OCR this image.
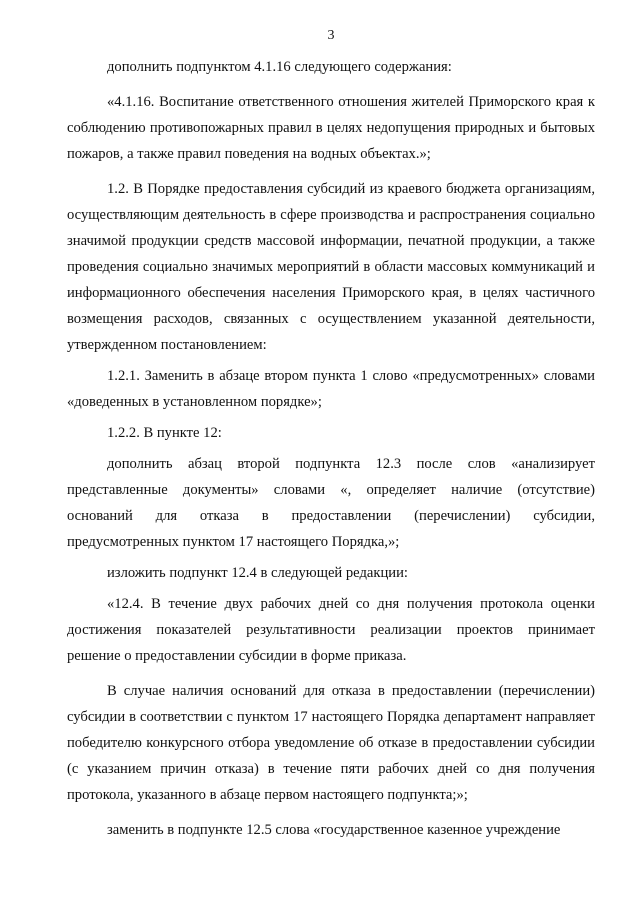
3

дополнить подпунктом 4.1.16 следующего содержания:

«4.1.16. Воспитание ответственного отношения жителей Приморского края к соблюдению противопожарных правил в целях недопущения природных и бытовых пожаров, а также правил поведения на водных объектах.»;

1.2. В Порядке предоставления субсидий из краевого бюджета организациям, осуществляющим деятельность в сфере производства и распространения социально значимой продукции средств массовой информации, печатной продукции, а также проведения социально значимых мероприятий в области массовых коммуникаций и информационного обеспечения населения Приморского края, в целях частичного возмещения расходов, связанных с осуществлением указанной деятельности, утвержденном постановлением:

1.2.1. Заменить в абзаце втором пункта 1 слово «предусмотренных» словами «доведенных в установленном порядке»;

1.2.2. В пункте 12:

дополнить абзац второй подпункта 12.3 после слов «анализирует представленные документы» словами «, определяет наличие (отсутствие) оснований для отказа в предоставлении (перечислении) субсидии, предусмотренных пунктом 17 настоящего Порядка,»;

изложить подпункт 12.4 в следующей редакции:

«12.4. В течение двух рабочих дней со дня получения протокола оценки достижения показателей результативности реализации проектов принимает решение о предоставлении субсидии в форме приказа.

В случае наличия оснований для отказа в предоставлении (перечислении) субсидии в соответствии с пунктом 17 настоящего Порядка департамент направляет победителю конкурсного отбора уведомление об отказе в предоставлении субсидии (с указанием причин отказа) в течение пяти рабочих дней со дня получения протокола, указанного в абзаце первом настоящего подпункта;»;

заменить в подпункте 12.5 слова «государственное казенное учреждение
